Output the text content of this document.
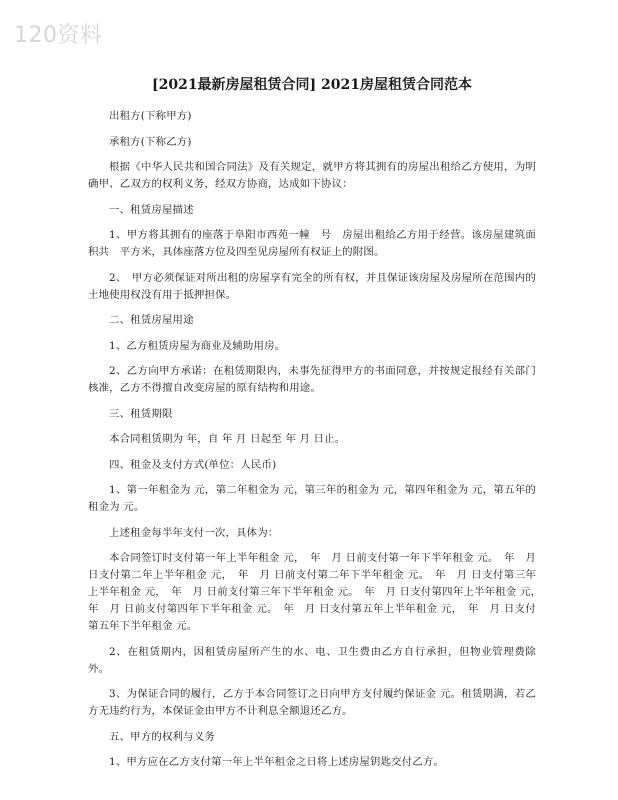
120资料
[2021最新房屋租赁合同] 2021房屋租赁合同范本

出租方(下称甲方)

承租方(下称乙方)

根据《中华人民共和国合同法》及有关规定，就甲方将其拥有的房屋出租给乙方使用，为明确甲、乙双方的权利义务，经双方协商，达成如下协议：

一、租赁房屋描述

1、甲方将其拥有的座落于阜阳市西苑一幢　号　房屋出租给乙方用于经营。该房屋建筑面积共　平方米，具体座落方位及四至见房屋所有权证上的附图。

2、　甲方必须保证对所出租的房屋享有完全的所有权，并且保证该房屋及房屋所在范围内的土地使用权没有用于抵押担保。

二、租赁房屋用途

1、乙方租赁房屋为商业及辅助用房。

2、乙方向甲方承诺：在租赁期限内，未事先征得甲方的书面同意，并按规定报经有关部门核准，乙方不得擅自改变房屋的原有结构和用途。

三、租赁期限

本合同租赁期为 年，自 年 月 日起至 年 月 日止。

四、租金及支付方式(单位：人民币)

1、第一年租金为 元，第二年租金为 元，第三年的租金为 元，第四年租金为 元，第五年的租金为 元。

上述租金每半年支付一次，具体为：

本合同签订时支付第一年上半年租金 元，　年　月 日前支付第一年下半年租金 元。　年　月 日支付第二年上半年租金 元，　年　月 日前支付第二年下半年租金 元。　年　月 日支付第三年上半年租金 元，　年　月 日前支付第三年下半年租金 元。　年　月 日支付第四年上半年租金 元，　年　月 日前支付第四年下半年租金 元。　年　月 日支付第五年上半年租金 元，　年　月 日支付第五年下半年租金 元。

2、在租赁期内，因租赁房屋所产生的水、电、卫生费由乙方自行承担，但物业管理费除外。

3、为保证合同的履行，乙方于本合同签订之日向甲方支付履约保证金 元。租赁期满，若乙方无违约行为，本保证金由甲方不计利息全额退还乙方。

五、甲方的权利与义务

1、甲方应在乙方支付第一年上半年租金之日将上述房屋钥匙交付乙方。
